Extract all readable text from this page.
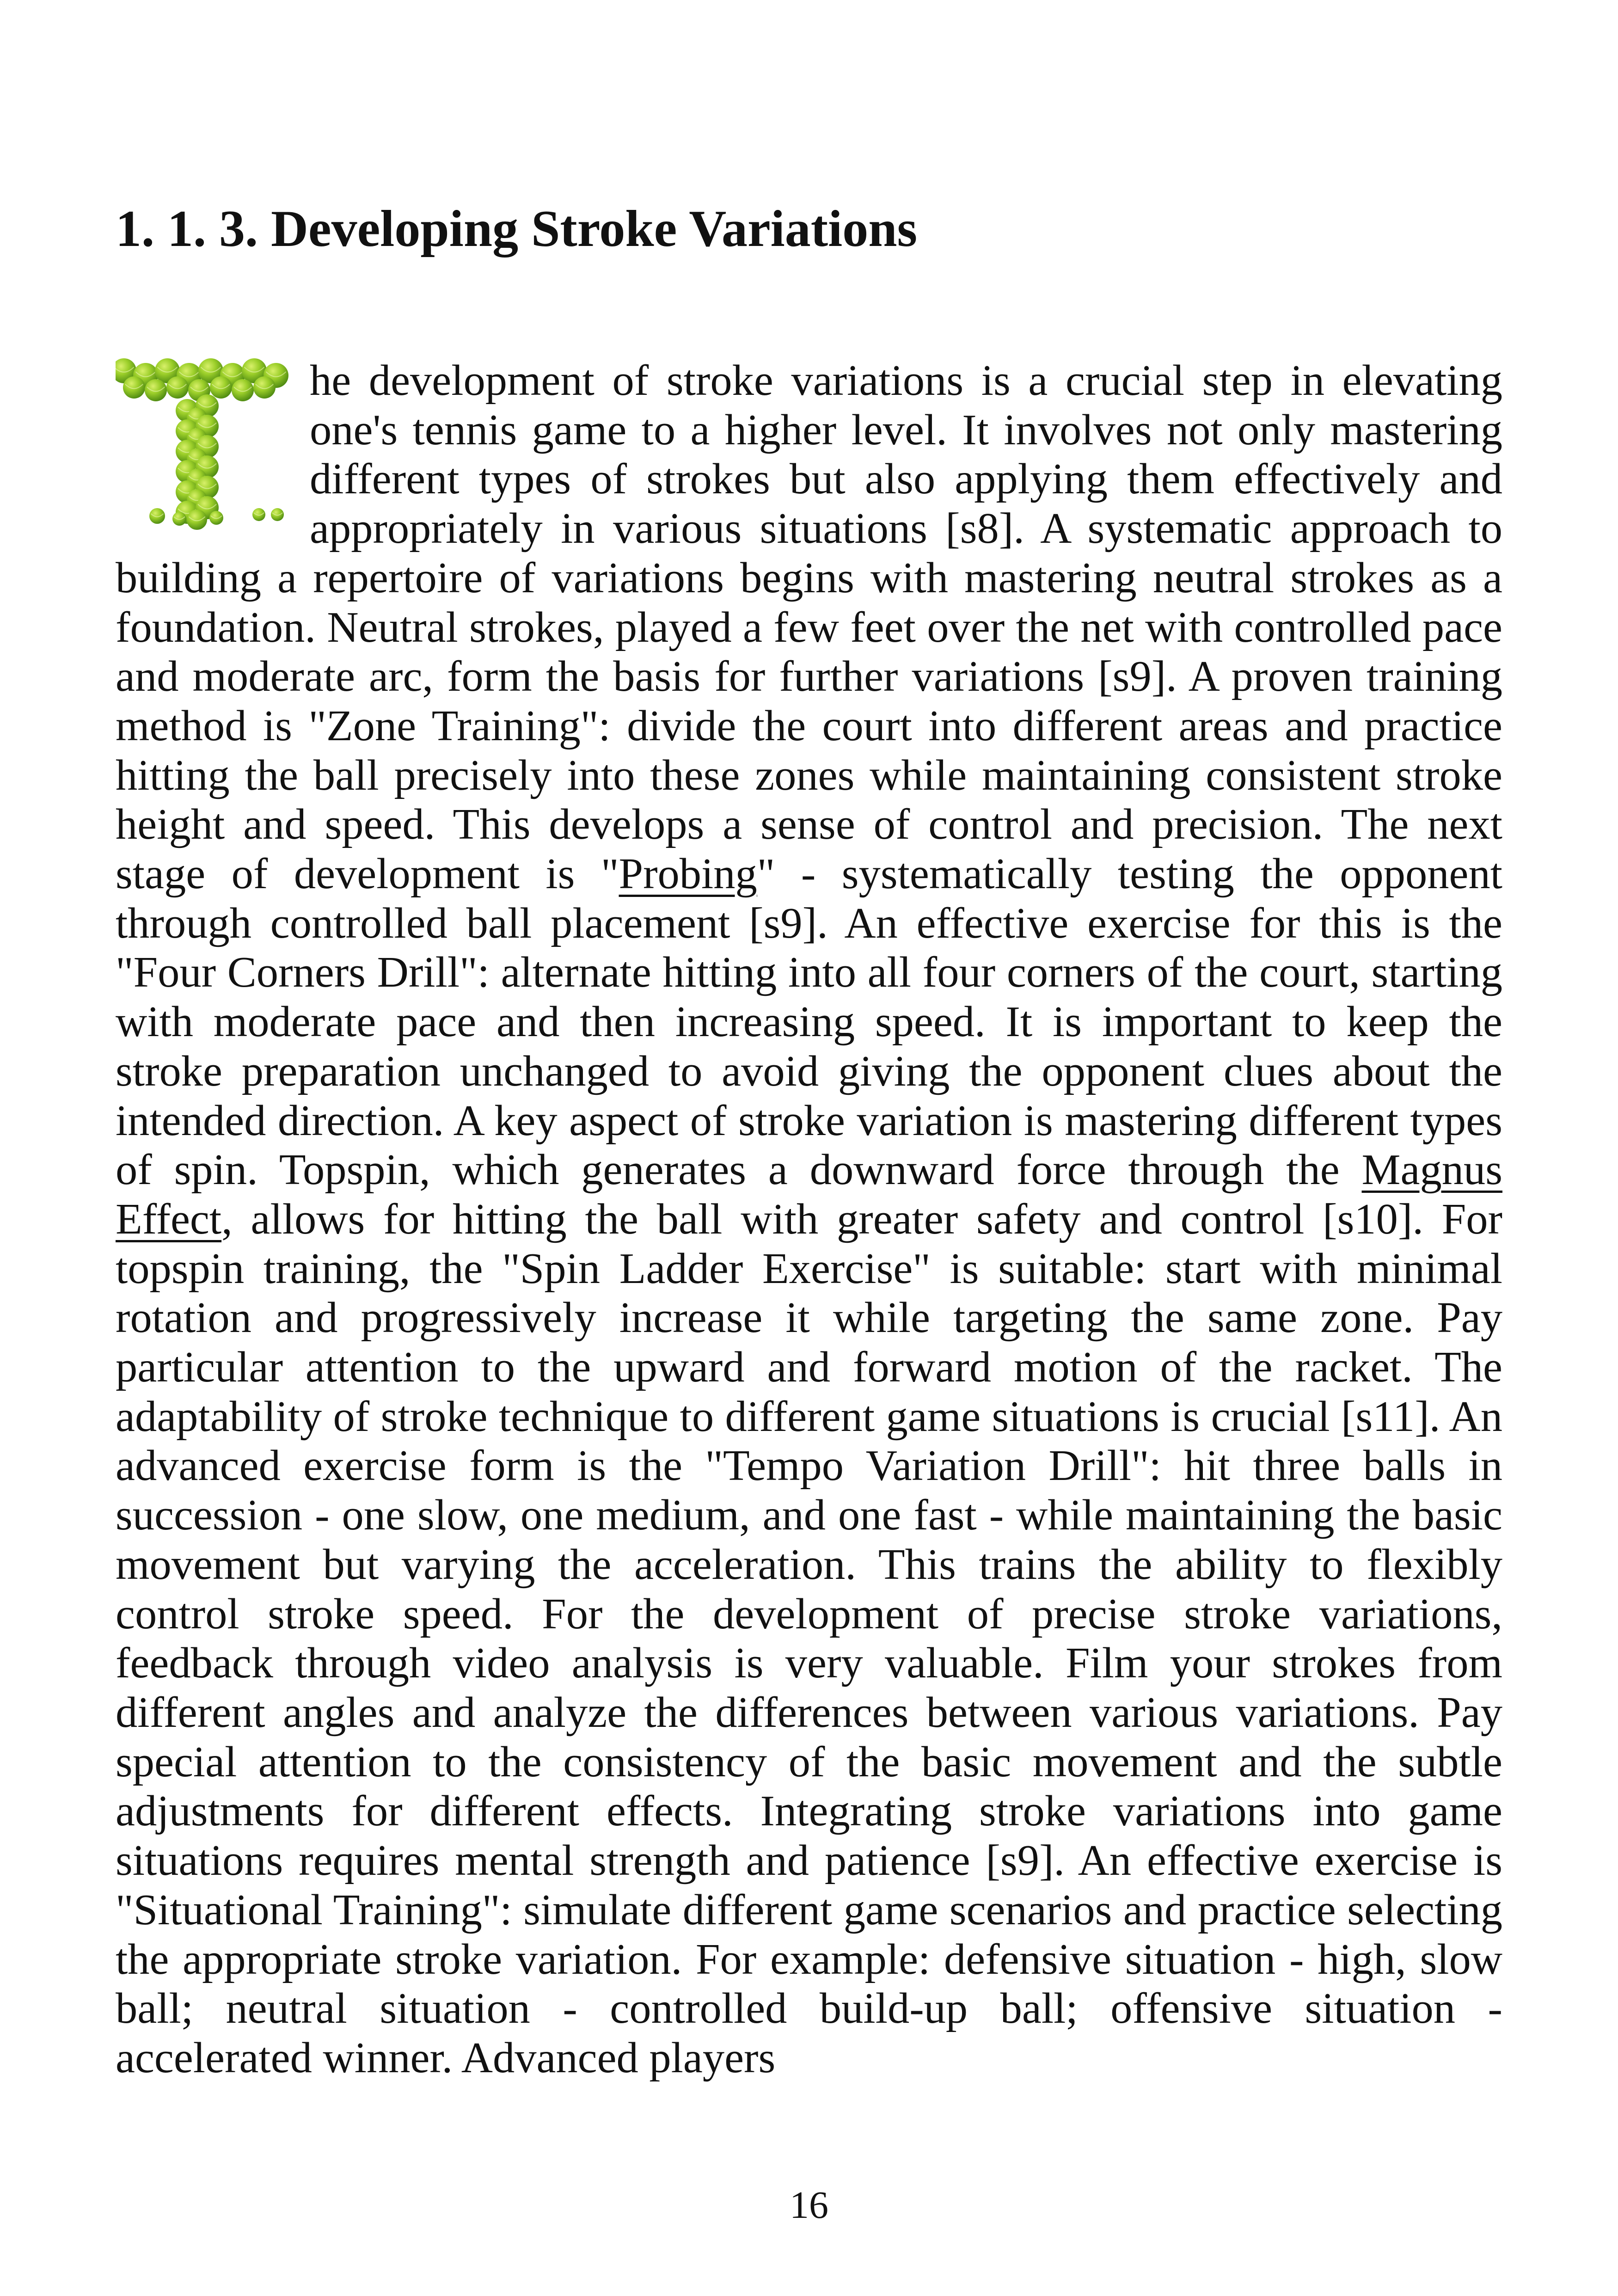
1. 1. 3. Developing Stroke Variations
he development of stroke variations is a crucial step in elevating one's tennis game to a higher level. It involves not only mastering different types of strokes but also applying them effectively and appropriately in various situations [s8]. A systematic approach to building a repertoire of variations begins with mastering neutral strokes as a foundation. Neutral strokes, played a few feet over the net with controlled pace and moderate arc, form the basis for further variations [s9]. A proven training method is "Zone Training": divide the court into different areas and practice hitting the ball precisely into these zones while maintaining consistent stroke height and speed. This develops a sense of control and precision. The next stage of development is "Probing" - systematically testing the opponent through controlled ball placement [s9]. An effective exercise for this is the "Four Corners Drill": alternate hitting into all four corners of the court, starting with moderate pace and then increasing speed. It is important to keep the stroke preparation unchanged to avoid giving the opponent clues about the intended direction. A key aspect of stroke variation is mastering different types of spin. Topspin, which generates a downward force through the Magnus Effect, allows for hitting the ball with greater safety and control [s10]. For topspin training, the "Spin Ladder Exercise" is suitable: start with minimal rotation and progressively increase it while targeting the same zone. Pay particular attention to the upward and forward motion of the racket. The adaptability of stroke technique to different game situations is crucial [s11]. An advanced exercise form is the "Tempo Variation Drill": hit three balls in succession - one slow, one medium, and one fast - while maintaining the basic movement but varying the acceleration. This trains the ability to flexibly control stroke speed. For the development of precise stroke variations, feedback through video analysis is very valuable. Film your strokes from different angles and analyze the differences between various variations. Pay special attention to the consistency of the basic movement and the subtle adjustments for different effects. Integrating stroke variations into game situations requires mental strength and patience [s9]. An effective exercise is "Situational Training": simulate different game scenarios and practice selecting the appropriate stroke variation. For example: defensive situation - high, slow ball; neutral situation - controlled build-up ball; offensive situation - accelerated winner. Advanced players
16
